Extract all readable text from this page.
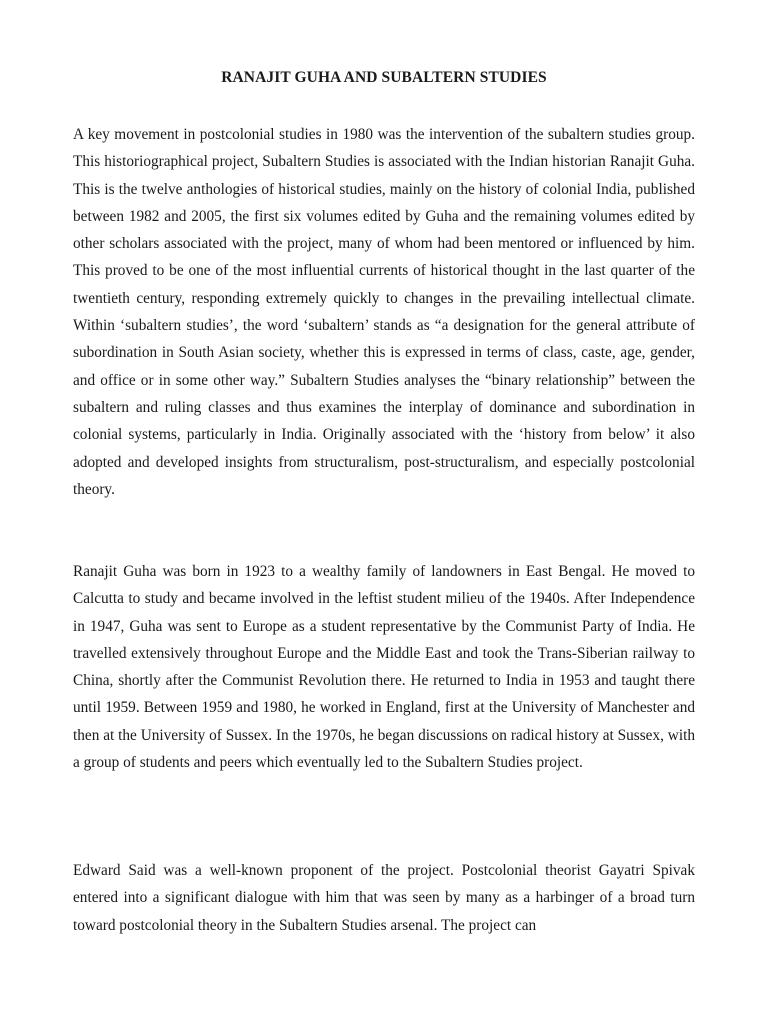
RANAJIT GUHA AND SUBALTERN STUDIES

A key movement in postcolonial studies in 1980 was the intervention of the subaltern studies group. This historiographical project, Subaltern Studies is associated with the Indian historian Ranajit Guha. This is the twelve anthologies of historical studies, mainly on the history of colonial India, published between 1982 and 2005, the first six volumes edited by Guha and the remaining volumes edited by other scholars associated with the project, many of whom had been mentored or influenced by him. This proved to be one of the most influential currents of historical thought in the last quarter of the twentieth century, responding extremely quickly to changes in the prevailing intellectual climate. Within ‘subaltern studies’, the word ‘subaltern’ stands as “a designation for the general attribute of subordination in South Asian society, whether this is expressed in terms of class, caste, age, gender, and office or in some other way.” Subaltern Studies analyses the “binary relationship” between the subaltern and ruling classes and thus examines the interplay of dominance and subordination in colonial systems, particularly in India. Originally associated with the ‘history from below’ it also adopted and developed insights from structuralism, post-structuralism, and especially postcolonial theory.

Ranajit Guha was born in 1923 to a wealthy family of landowners in East Bengal. He moved to Calcutta to study and became involved in the leftist student milieu of the 1940s. After Independence in 1947, Guha was sent to Europe as a student representative by the Communist Party of India. He travelled extensively throughout Europe and the Middle East and took the Trans-Siberian railway to China, shortly after the Communist Revolution there. He returned to India in 1953 and taught there until 1959. Between 1959 and 1980, he worked in England, first at the University of Manchester and then at the University of Sussex. In the 1970s, he began discussions on radical history at Sussex, with a group of students and peers which eventually led to the Subaltern Studies project.

Edward Said was a well-known proponent of the project. Postcolonial theorist Gayatri Spivak entered into a significant dialogue with him that was seen by many as a harbinger of a broad turn toward postcolonial theory in the Subaltern Studies arsenal. The project can
